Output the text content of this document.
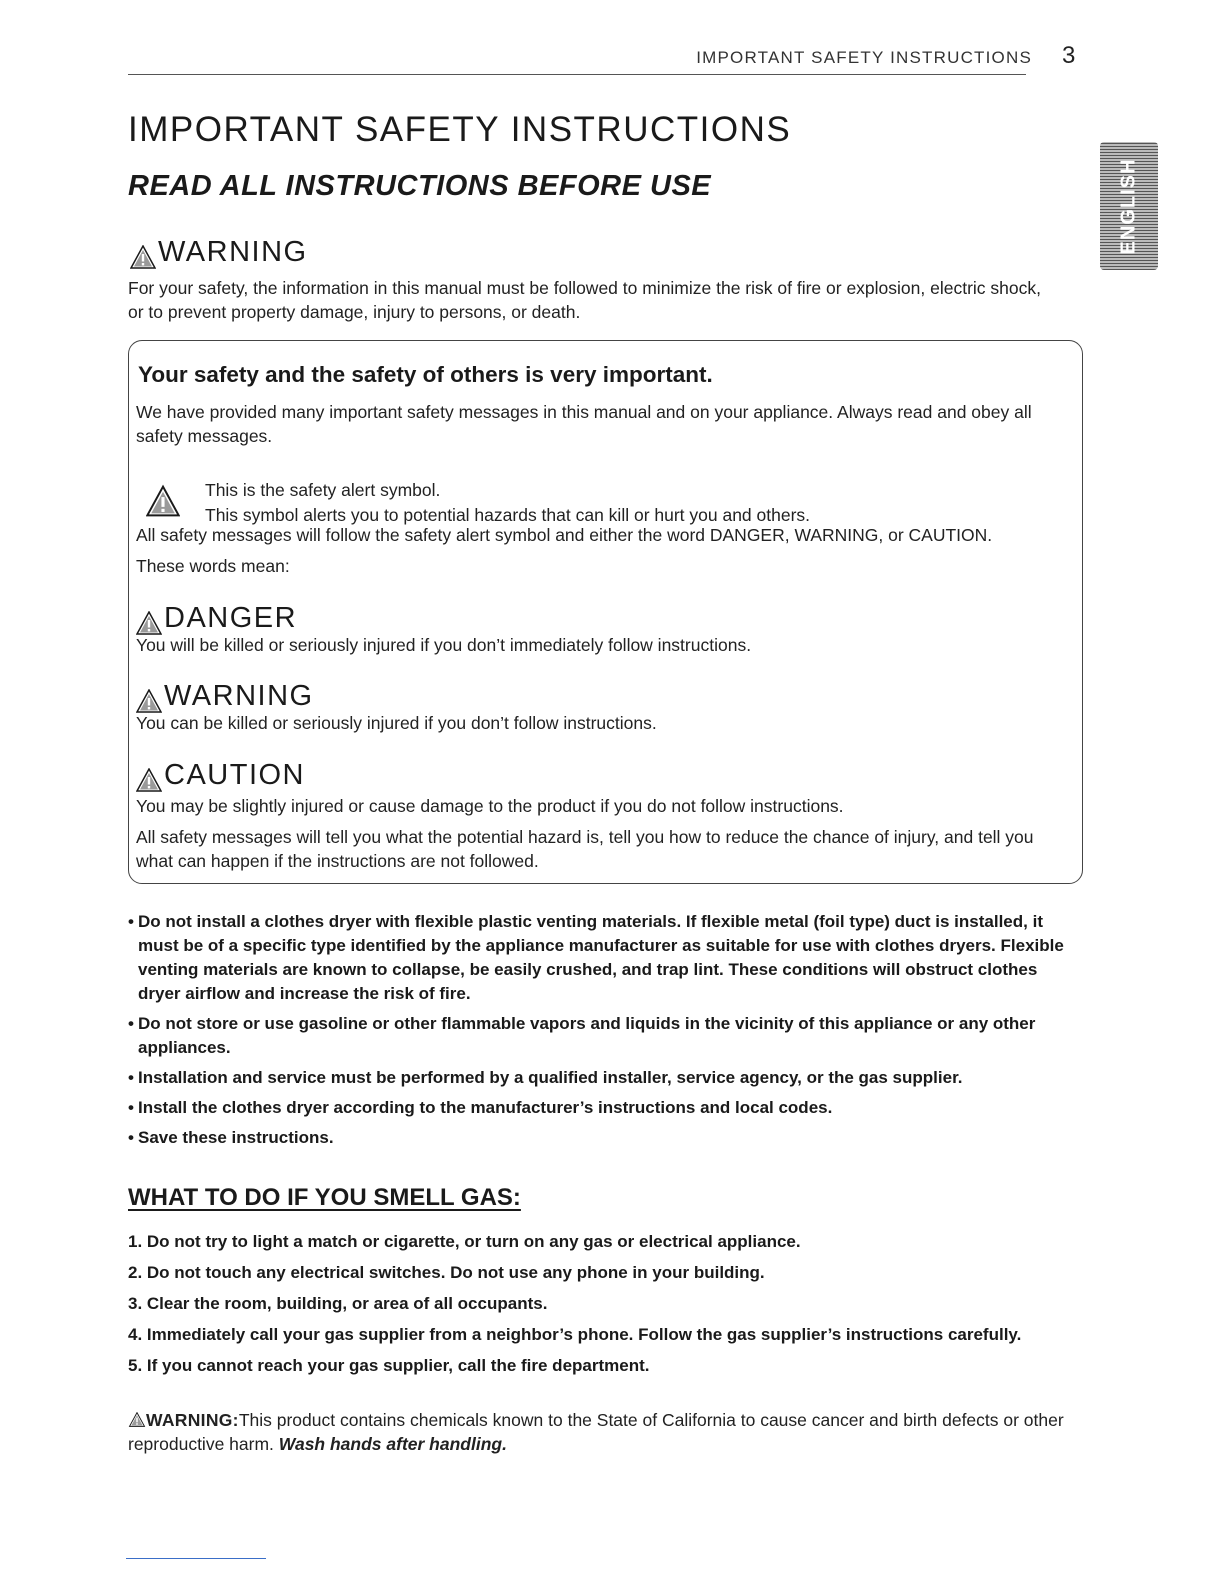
IMPORTANT SAFETY INSTRUCTIONS 3
ENGLISH
IMPORTANT SAFETY INSTRUCTIONS
READ ALL INSTRUCTIONS BEFORE USE
WARNING
For your safety, the information in this manual must be followed to minimize the risk of fire or explosion, electric shock, or to prevent property damage, injury to persons, or death.
Your safety and the safety of others is very important.
We have provided many important safety messages in this manual and on your appliance. Always read and obey all safety messages.
This is the safety alert symbol.
This symbol alerts you to potential hazards that can kill or hurt you and others.
All safety messages will follow the safety alert symbol and either the word DANGER, WARNING, or CAUTION.
These words mean:
DANGER
You will be killed or seriously injured if you don’t immediately follow instructions.
WARNING
You can be killed or seriously injured if you don’t follow instructions.
CAUTION
You may be slightly injured or cause damage to the product if you do not follow instructions.
All safety messages will tell you what the potential hazard is, tell you how to reduce the chance of injury, and tell you what can happen if the instructions are not followed.
• Do not install a clothes dryer with flexible plastic venting materials. If flexible metal (foil type) duct is installed, it must be of a specific type identified by the appliance manufacturer as suitable for use with clothes dryers. Flexible venting materials are known to collapse, be easily crushed, and trap lint. These conditions will obstruct clothes dryer airflow and increase the risk of fire.
• Do not store or use gasoline or other flammable vapors and liquids in the vicinity of this appliance or any other appliances.
• Installation and service must be performed by a qualified installer, service agency, or the gas supplier.
• Install the clothes dryer according to the manufacturer’s instructions and local codes.
• Save these instructions.
WHAT TO DO IF YOU SMELL GAS:
1. Do not try to light a match or cigarette, or turn on any gas or electrical appliance.
2. Do not touch any electrical switches. Do not use any phone in your building.
3. Clear the room, building, or area of all occupants.
4. Immediately call your gas supplier from a neighbor’s phone. Follow the gas supplier’s instructions carefully.
5. If you cannot reach your gas supplier, call the fire department.
WARNING:This product contains chemicals known to the State of California to cause cancer and birth defects or other reproductive harm. Wash hands after handling.
